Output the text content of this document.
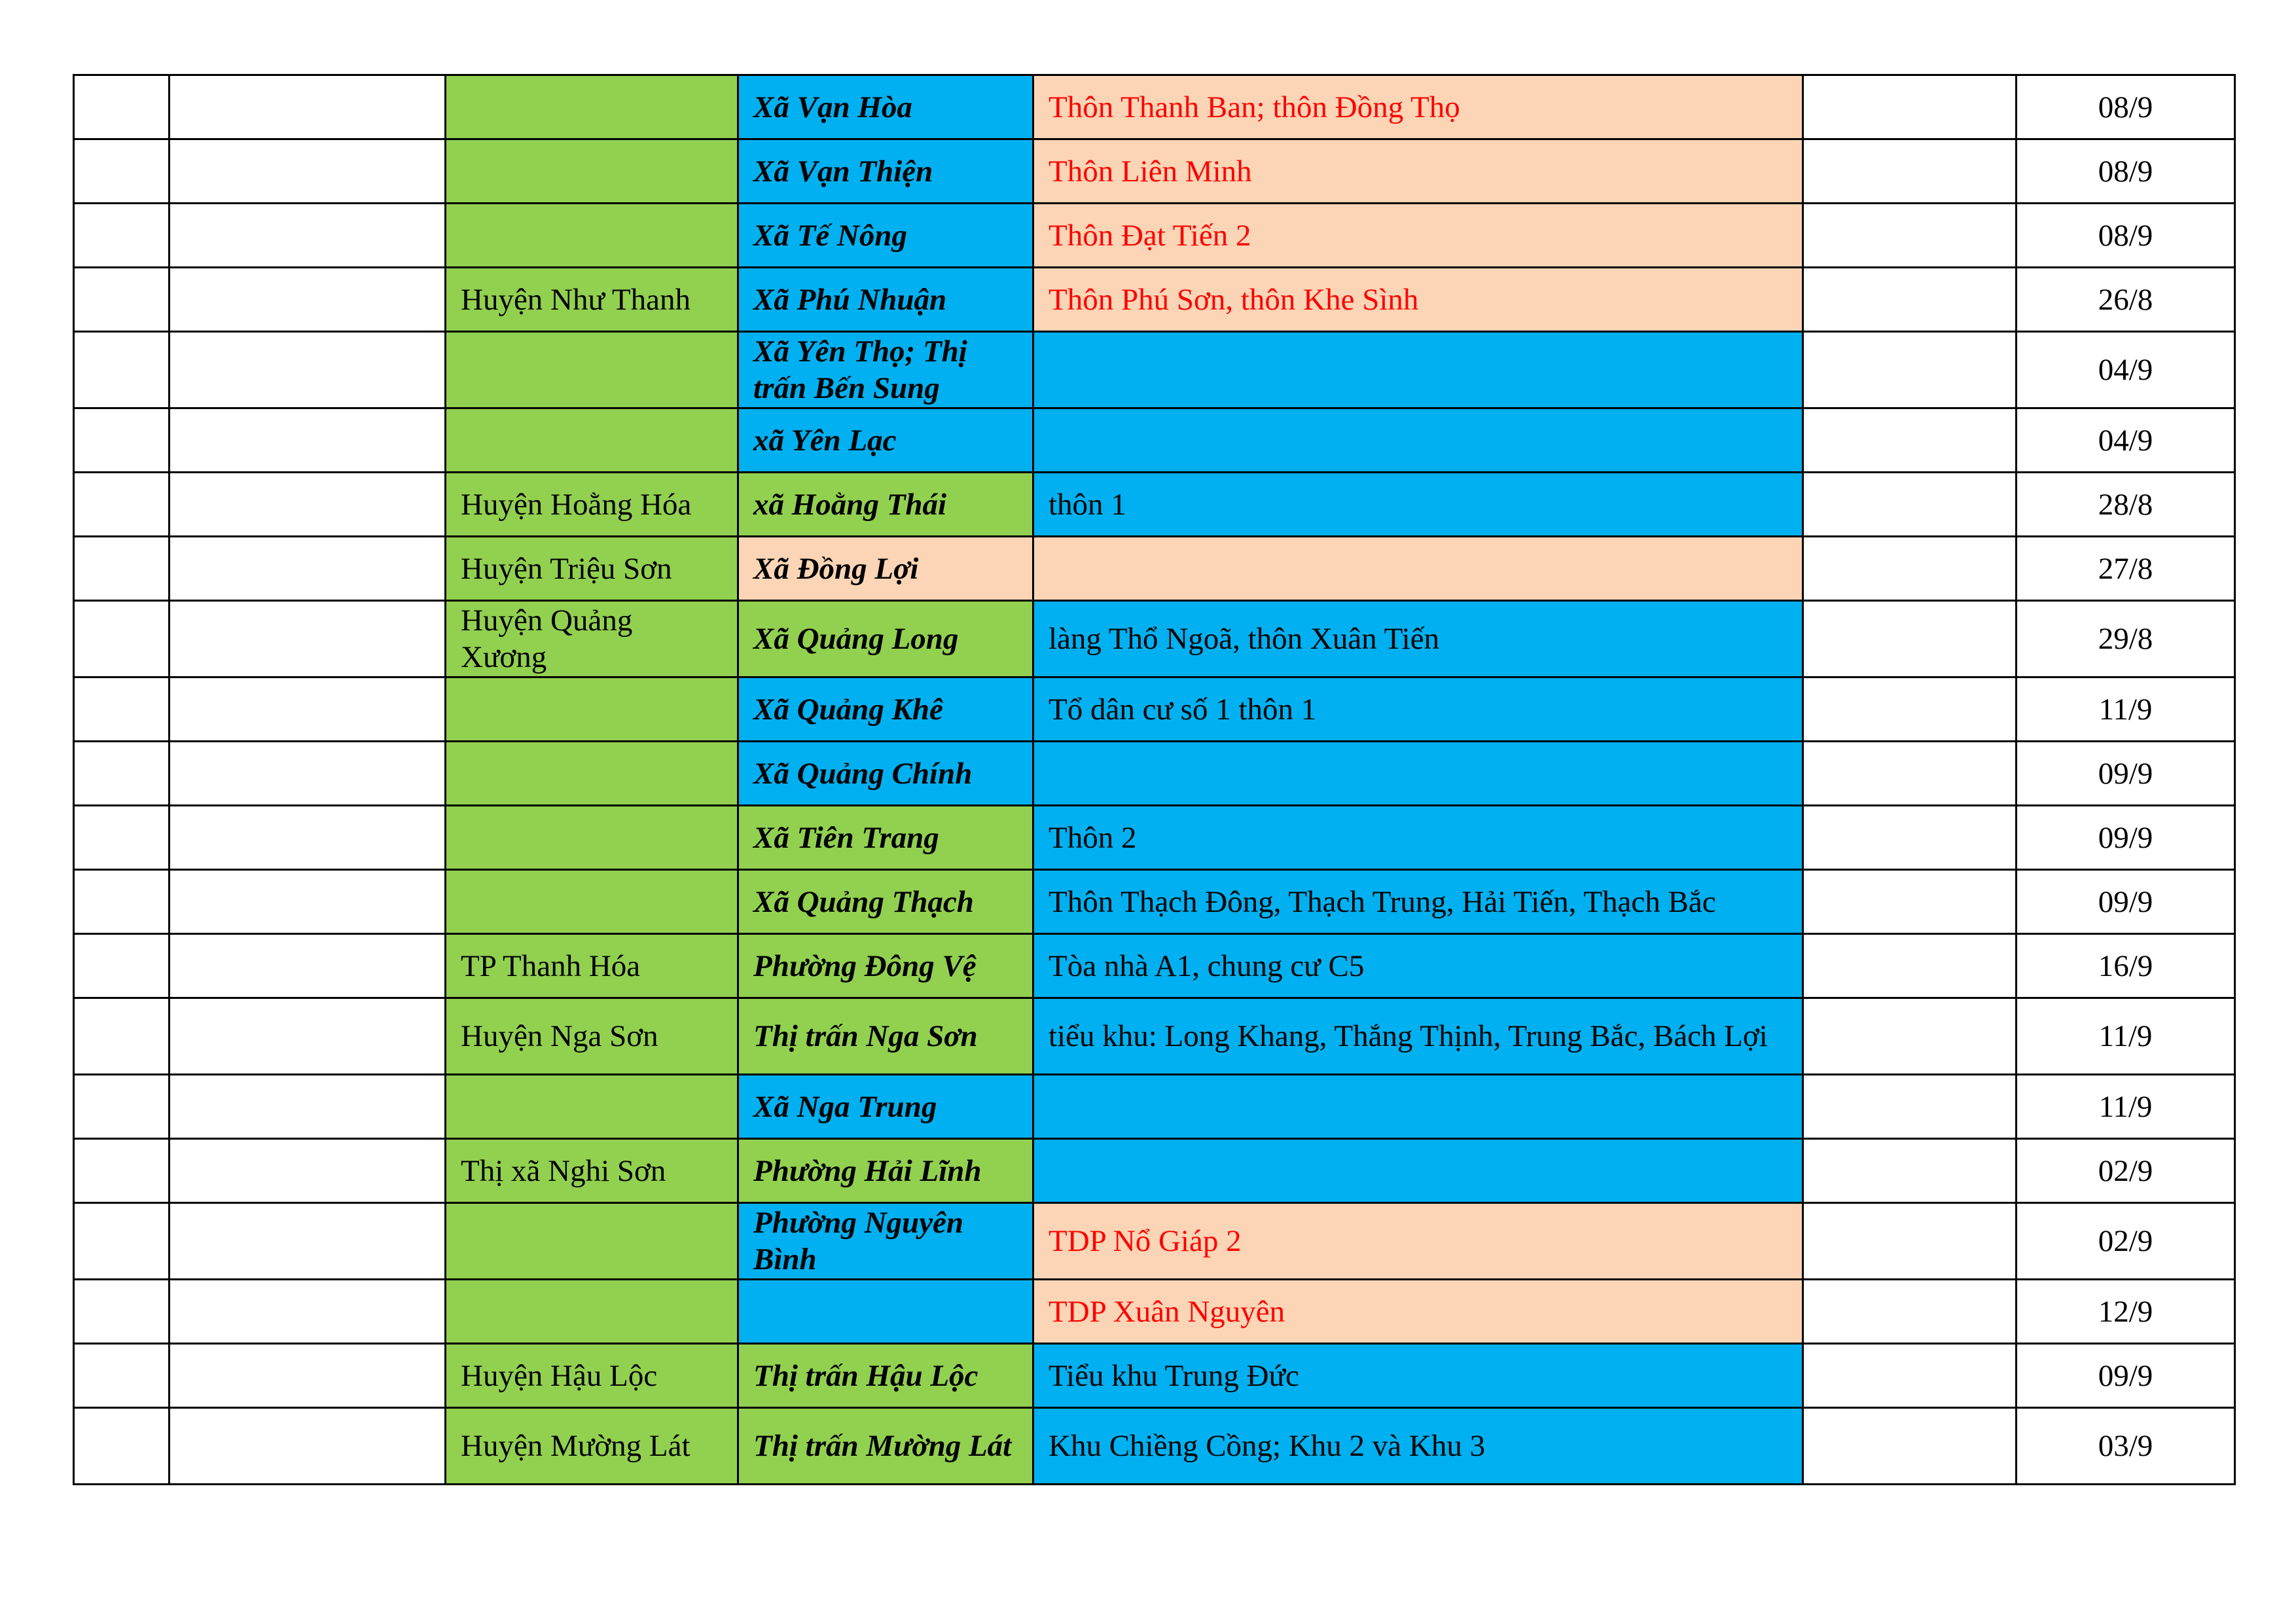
			Xã Vạn Hòa	Thôn Thanh Ban; thôn Đồng Thọ		08/9
			Xã Vạn Thiện	Thôn Liên Minh		08/9
			Xã Tế Nông	Thôn Đạt Tiến 2		08/9
		Huyện Như Thanh	Xã Phú Nhuận	Thôn Phú Sơn, thôn Khe Sình		26/8
			Xã Yên Thọ; Thị trấn Bến Sung			04/9
			xã Yên Lạc			04/9
		Huyện Hoằng Hóa	xã Hoằng Thái	thôn 1		28/8
		Huyện Triệu Sơn	Xã Đồng Lợi			27/8
		Huyện Quảng Xương	Xã Quảng Long	làng Thổ Ngoã, thôn Xuân Tiến		29/8
			Xã Quảng Khê	Tổ dân cư số 1 thôn 1		11/9
			Xã Quảng Chính			09/9
			Xã Tiên Trang	Thôn 2		09/9
			Xã Quảng Thạch	Thôn Thạch Đông, Thạch Trung, Hải Tiến, Thạch Bắc		09/9
		TP Thanh Hóa	Phường Đông Vệ	Tòa nhà A1, chung cư C5		16/9
		Huyện Nga Sơn	Thị trấn Nga Sơn	tiểu khu: Long Khang, Thắng Thịnh, Trung Bắc, Bách Lợi		11/9
			Xã Nga Trung			11/9
		Thị xã Nghi Sơn	Phường Hải Lĩnh			02/9
			Phường Nguyên Bình	TDP Nổ Giáp 2		02/9
				TDP Xuân Nguyên		12/9
		Huyện Hậu Lộc	Thị trấn Hậu Lộc	Tiểu khu Trung Đức		09/9
		Huyện Mường Lát	Thị trấn Mường Lát	Khu Chiềng Cồng; Khu 2 và Khu 3		03/9
